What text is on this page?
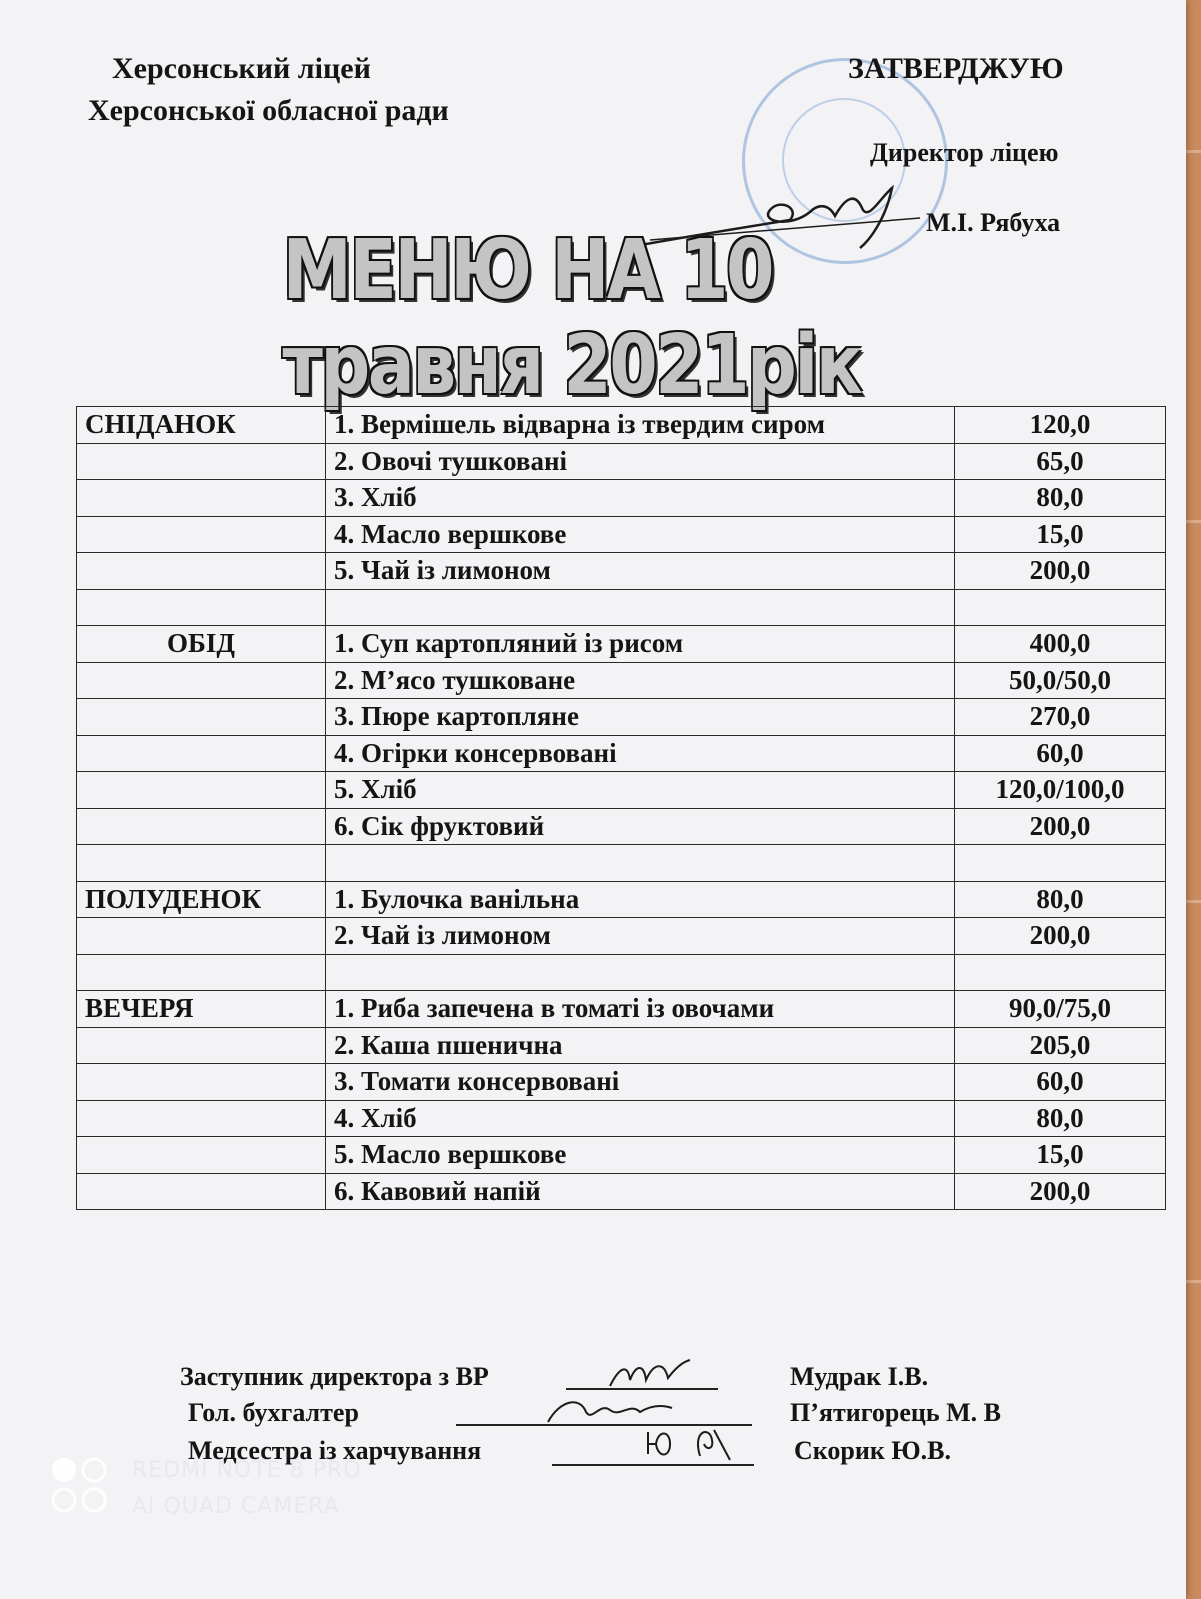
Херсонський ліцей
Херсонської обласної ради
ЗАТВЕРДЖУЮ
Директор ліцею
М.І. Рябуха
МЕНЮ НА 10 травня 2021рік
СНІДАНОК	1. Вермішель відварна із твердим сиром	120,0
	2. Овочі тушковані	65,0
	3. Хліб	80,0
	4. Масло вершкове	15,0
	5. Чай із лимоном	200,0

ОБІД	1. Суп картопляний із рисом	400,0
	2. М’ясо тушковане	50,0/50,0
	3. Пюре картопляне	270,0
	4. Огірки консервовані	60,0
	5. Хліб	120,0/100,0
	6. Сік фруктовий	200,0

ПОЛУДЕНОК	1. Булочка ванільна	80,0
	2. Чай із лимоном	200,0

ВЕЧЕРЯ	1. Риба запечена в томаті із овочами	90,0/75,0
	2. Каша пшенична	205,0
	3. Томати консервовані	60,0
	4. Хліб	80,0
	5. Масло вершкове	15,0
	6. Кавовий напій	200,0
Заступник директора з ВР	Мудрак І.В.
Гол. бухгалтер	П’ятигорець М. В
Медсестра із харчування	Скорик Ю.В.
REDMI NOTE 8 PRO
AI QUAD CAMERA
